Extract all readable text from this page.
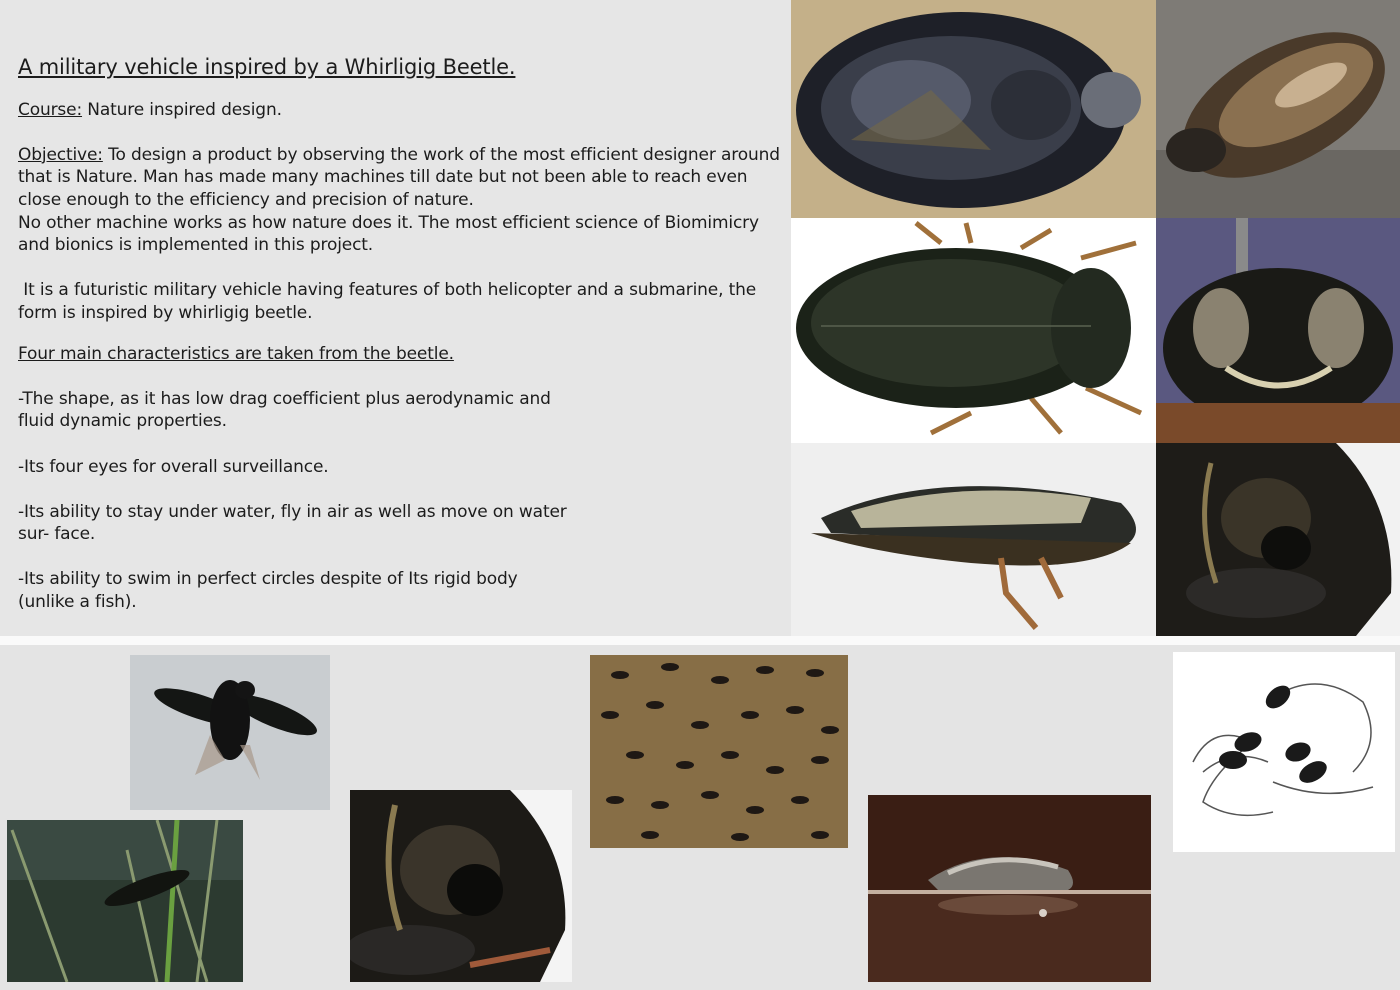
A military vehicle inspired by a Whirligig Beetle.

Course: Nature inspired design.

Objective: To design a product by observing the work of the most efficient designer around that is Nature. Man has made many machines till date but not been able to reach even close enough to the efficiency and precision of nature.

No other machine works as how nature does it. The most efficient science of Biomimicry and bionics is implemented in this project.

It is a futuristic military vehicle having features of both helicopter and a submarine, the form is inspired by whirligig beetle.

Four main characteristics are taken from the beetle.

-The shape, as it has low drag coefficient plus aerodynamic and fluid dynamic properties.

-Its four eyes for overall surveillance.

-Its ability to stay under water, fly in air as well as move on water sur- face.

-Its ability to swim in perfect circles despite of Its rigid body (unlike a fish).
